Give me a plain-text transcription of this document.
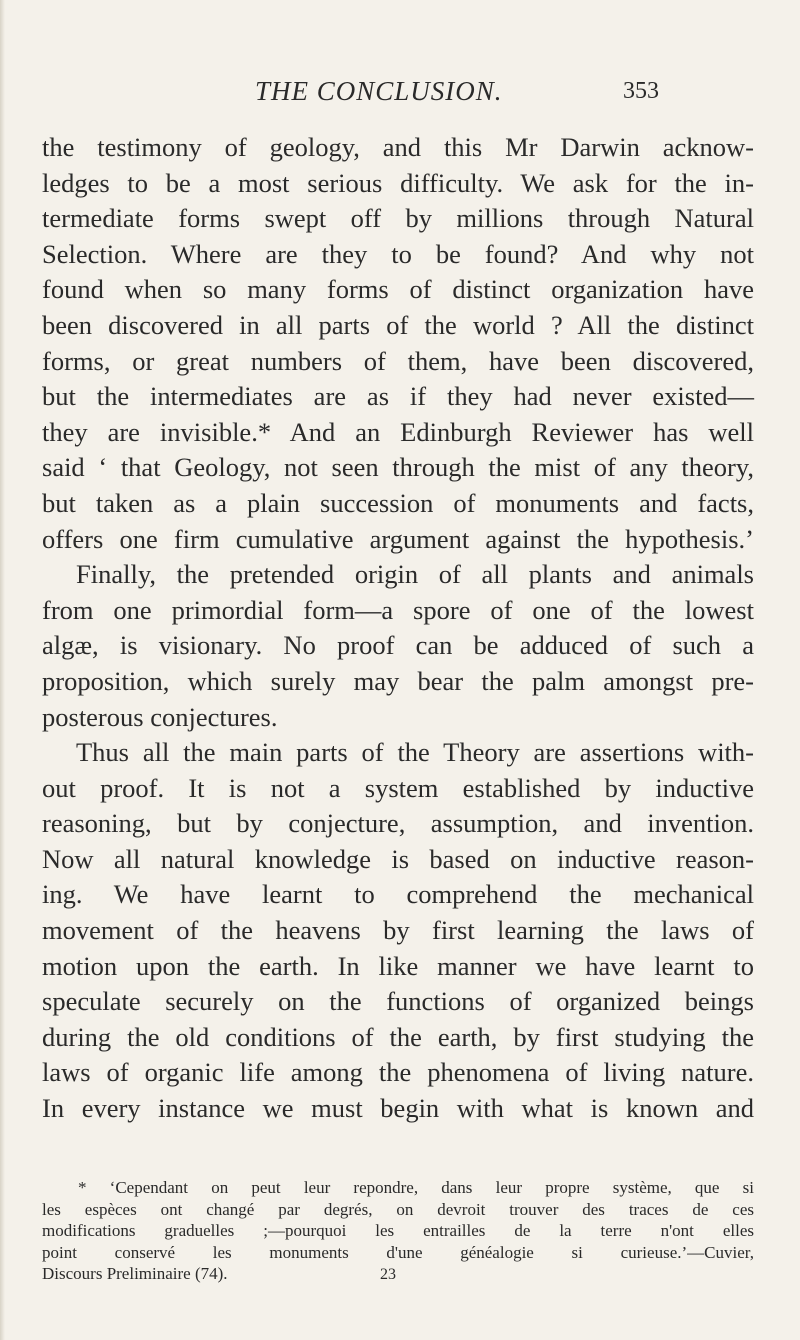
THE CONCLUSION.	353
the testimony of geology, and this Mr Darwin acknow-
ledges to be a most serious difficulty. We ask for the in-
termediate forms swept off by millions through Natural
Selection. Where are they to be found? And why not
found when so many forms of distinct organization have
been discovered in all parts of the world ? All the distinct
forms, or great numbers of them, have been discovered,
but the intermediates are as if they had never existed—
they are invisible.* And an Edinburgh Reviewer has well
said ‘ that Geology, not seen through the mist of any theory,
but taken as a plain succession of monuments and facts,
offers one firm cumulative argument against the hypothesis.’
Finally, the pretended origin of all plants and animals
from one primordial form—a spore of one of the lowest
algæ, is visionary. No proof can be adduced of such a
proposition, which surely may bear the palm amongst pre-
posterous conjectures.
Thus all the main parts of the Theory are assertions with-
out proof. It is not a system established by inductive
reasoning, but by conjecture, assumption, and invention.
Now all natural knowledge is based on inductive reason-
ing. We have learnt to comprehend the mechanical
movement of the heavens by first learning the laws of
motion upon the earth. In like manner we have learnt to
speculate securely on the functions of organized beings
during the old conditions of the earth, by first studying the
laws of organic life among the phenomena of living nature.
In every instance we must begin with what is known and
* ‘Cependant on peut leur repondre, dans leur propre système, que si
les espèces ont changé par degrés, on devroit trouver des traces de ces
modifications graduelles ;—pourquoi les entrailles de la terre n'ont elles
point conservé les monuments d'une généalogie si curieuse.’—Cuvier,
Discours Preliminaire (74).	23
